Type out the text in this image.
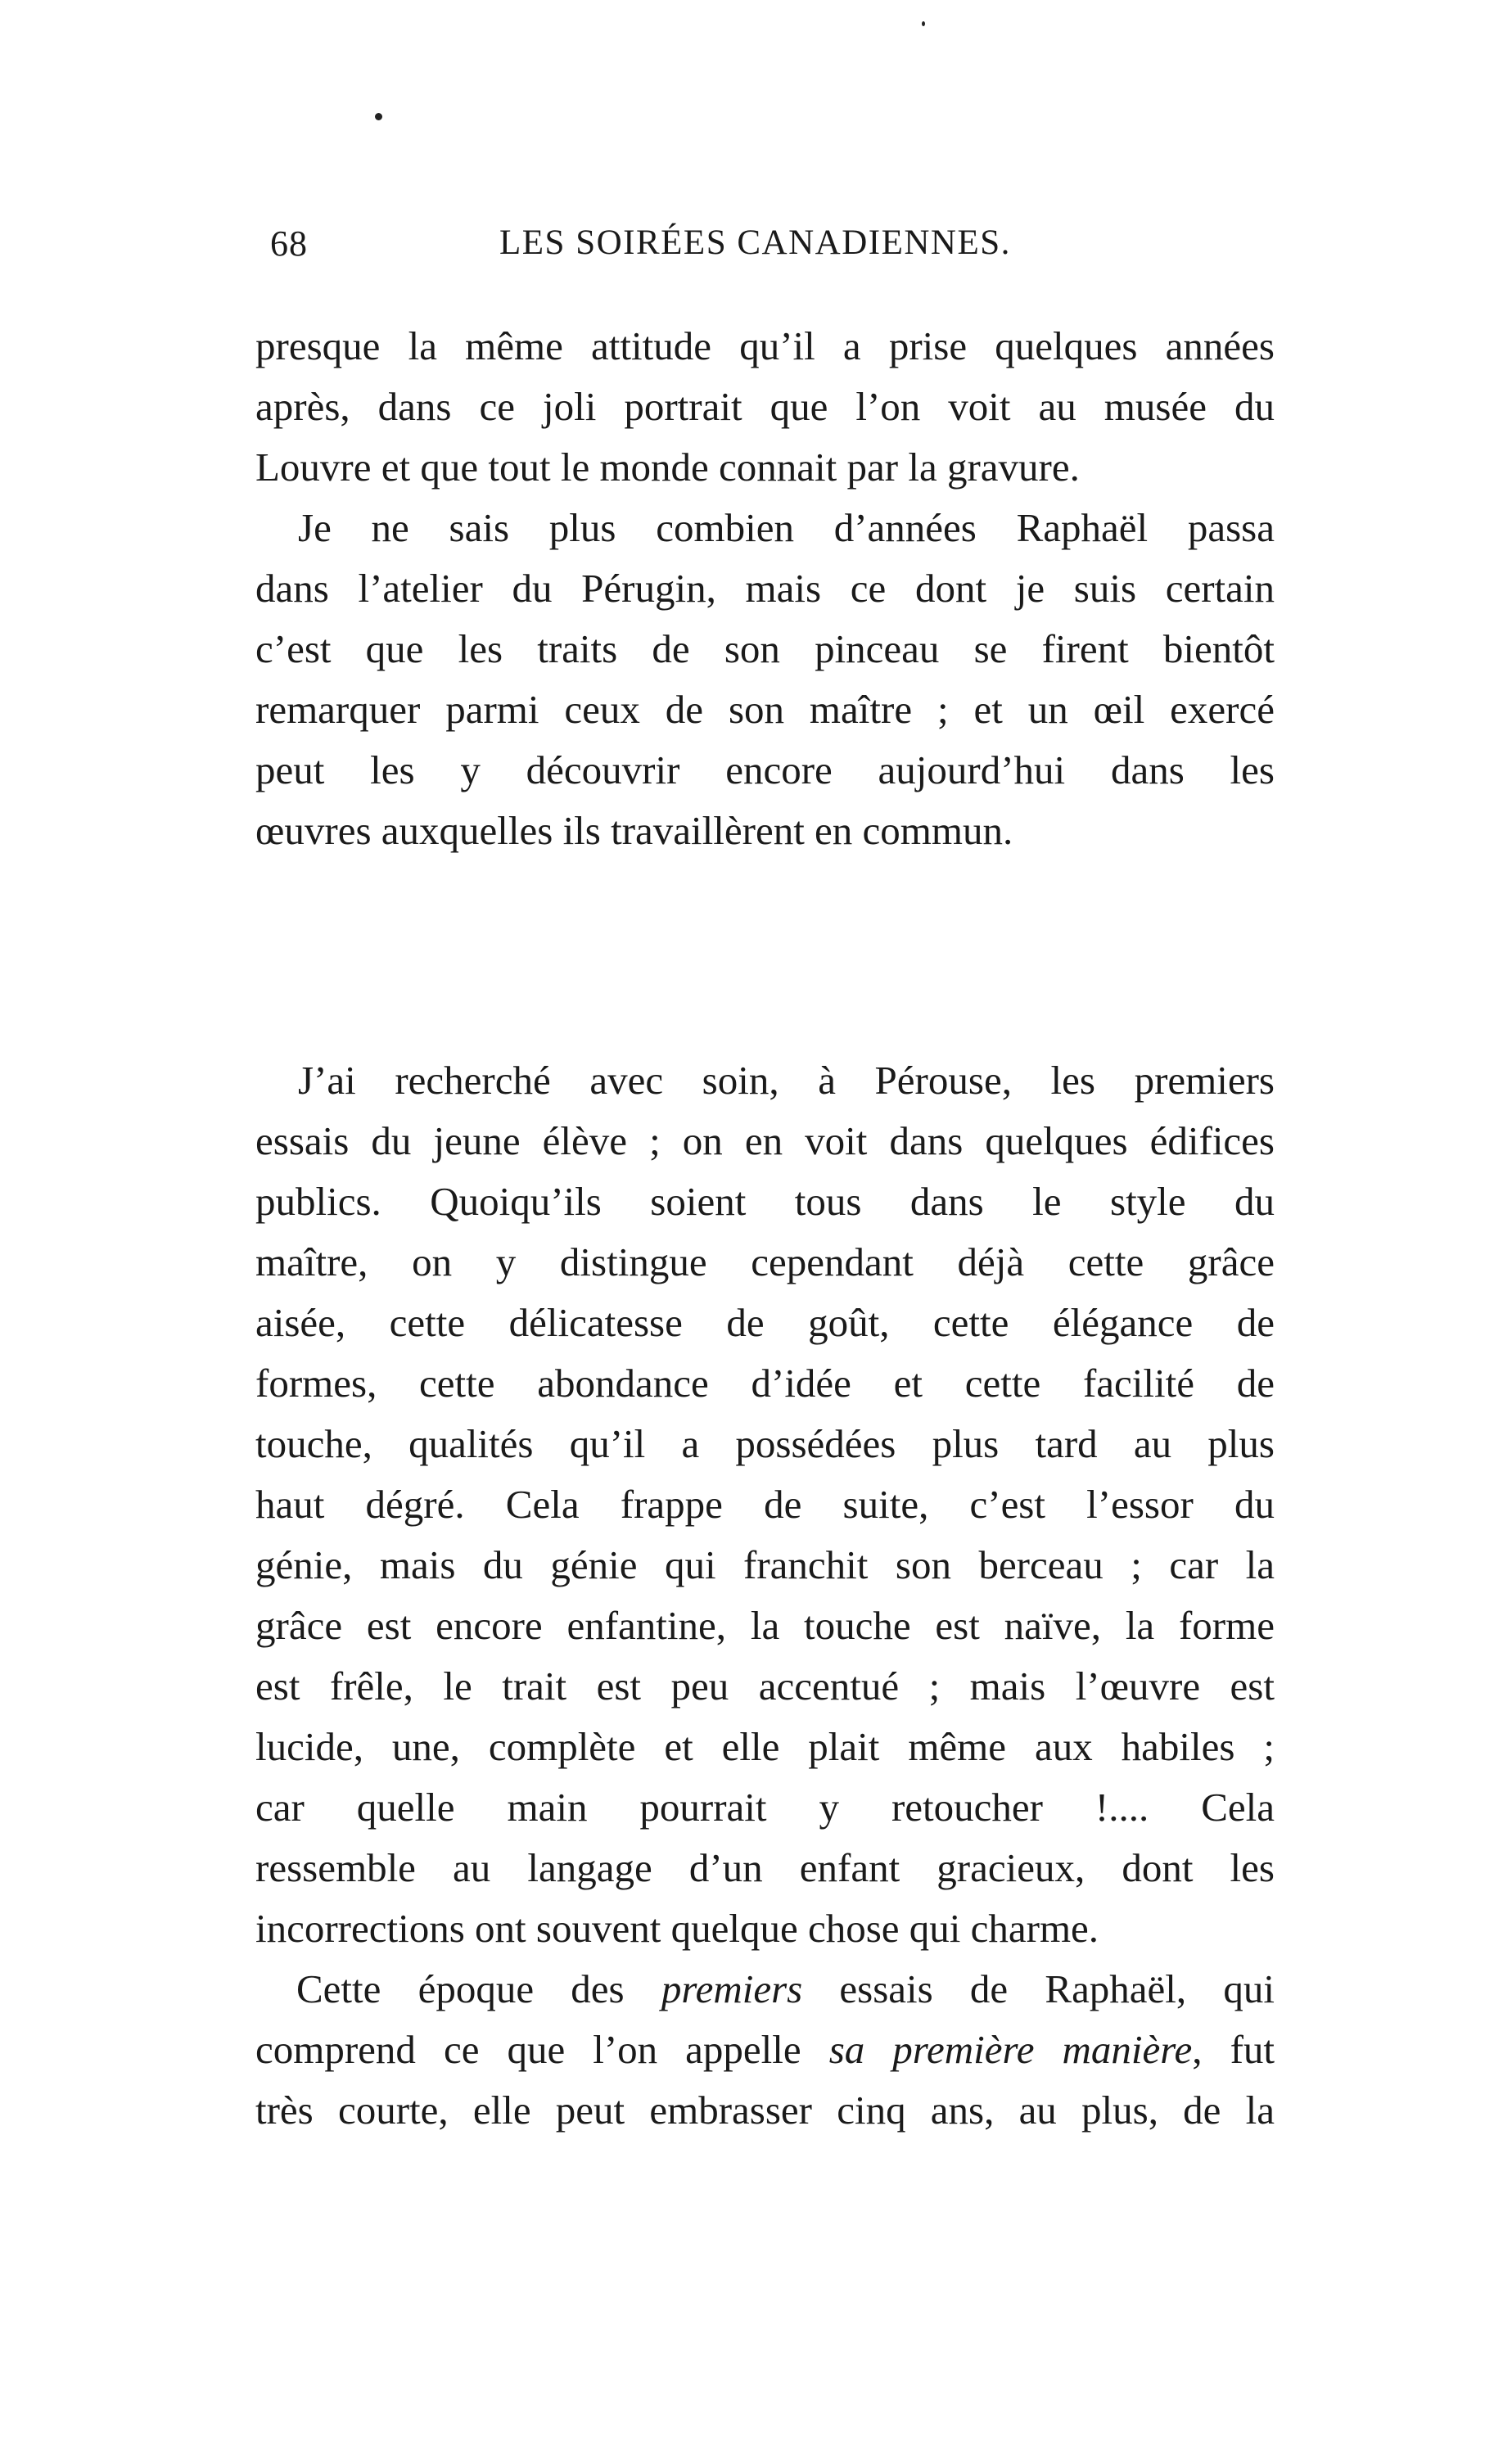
68	LES SOIRÉES CANADIENNES.
presque la même attitude qu’il a prise quelques années
après, dans ce joli portrait que l’on voit au musée du
Louvre et que tout le monde connait par la gravure.
Je ne sais plus combien d’années Raphaël passa
dans l’atelier du Pérugin, mais ce dont je suis certain
c’est que les traits de son pinceau se firent bientôt
remarquer parmi ceux de son maître ; et un œil exercé
peut les y découvrir encore aujourd’hui dans les
œuvres auxquelles ils travaillèrent en commun.
J’ai recherché avec soin, à Pérouse, les premiers
essais du jeune élève ; on en voit dans quelques édifices
publics. Quoiqu’ils soient tous dans le style du
maître, on y distingue cependant déjà cette grâce
aisée, cette délicatesse de goût, cette élégance de
formes, cette abondance d’idée et cette facilité de
touche, qualités qu’il a possédées plus tard au plus
haut dégré. Cela frappe de suite, c’est l’essor du
génie, mais du génie qui franchit son berceau ; car la
grâce est encore enfantine, la touche est naïve, la forme
est frêle, le trait est peu accentué ; mais l’œuvre est
lucide, une, complète et elle plait même aux habiles ;
car quelle main pourrait y retoucher !.... Cela
ressemble au langage d’un enfant gracieux, dont les
incorrections ont souvent quelque chose qui charme.
Cette époque des premiers essais de Raphaël, qui
comprend ce que l’on appelle sa première manière, fut
très courte, elle peut embrasser cinq ans, au plus, de la
